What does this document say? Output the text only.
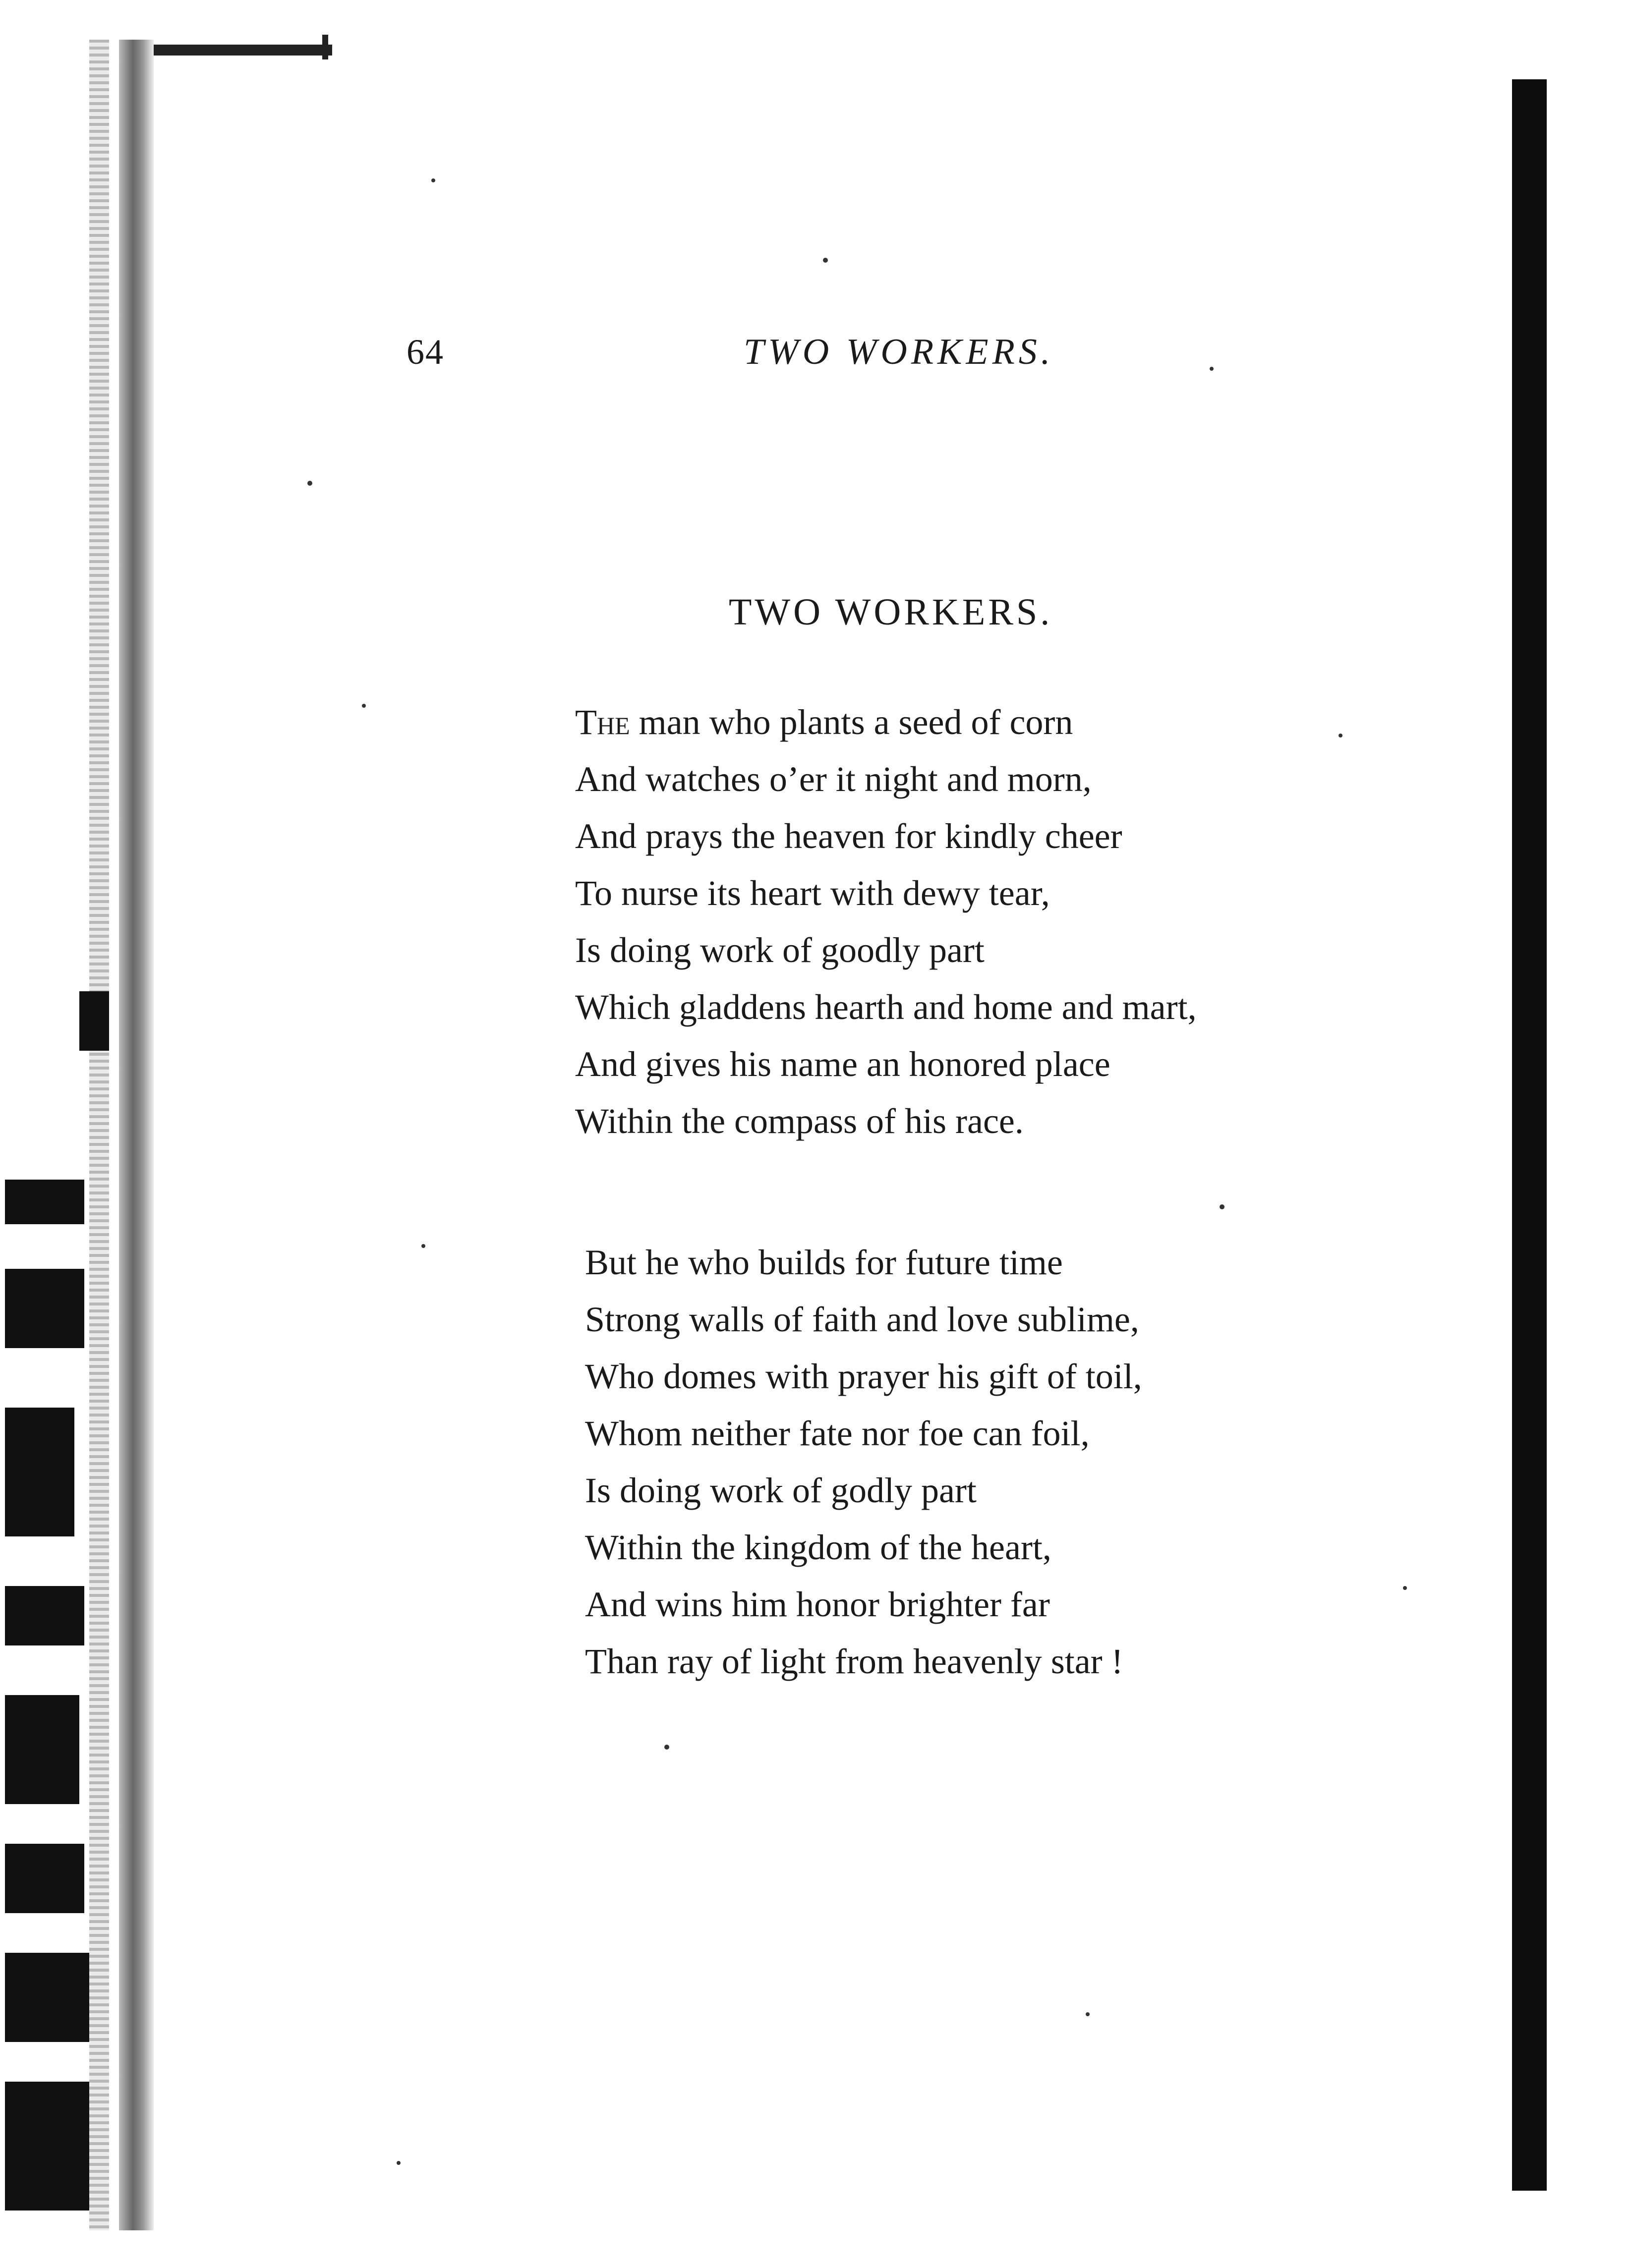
64	TWO WORKERS.
TWO WORKERS.
The man who plants a seed of corn
And watches o’er it night and morn,
And prays the heaven for kindly cheer
To nurse its heart with dewy tear,
Is doing work of goodly part
Which gladdens hearth and home and mart,
And gives his name an honored place
Within the compass of his race.
But he who builds for future time
Strong walls of faith and love sublime,
Who domes with prayer his gift of toil,
Whom neither fate nor foe can foil,
Is doing work of godly part
Within the kingdom of the heart,
And wins him honor brighter far
Than ray of light from heavenly star !
